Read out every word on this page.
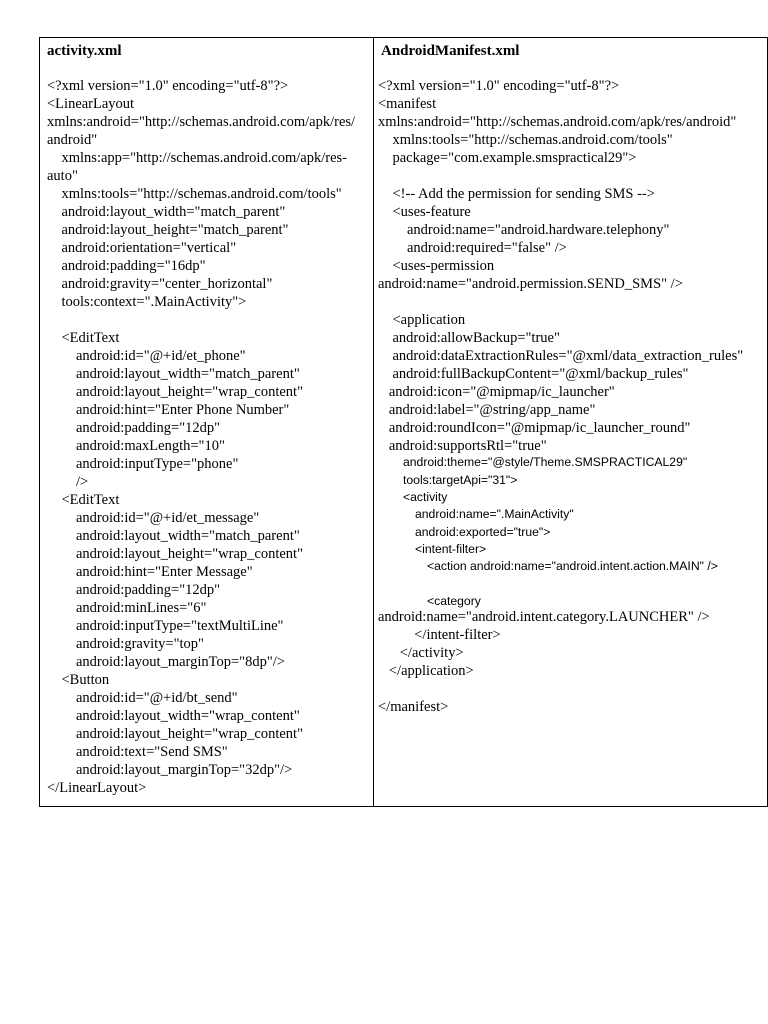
activity.xml
<?xml version="1.0" encoding="utf-8"?>
<LinearLayout
xmlns:android="http://schemas.android.com/apk/res/
android"
xmlns:app="http://schemas.android.com/apk/res-
auto"
xmlns:tools="http://schemas.android.com/tools"
android:layout_width="match_parent"
android:layout_height="match_parent"
android:orientation="vertical"
android:padding="16dp"
android:gravity="center_horizontal"
tools:context=".MainActivity">
<EditText
android:id="@+id/et_phone"
android:layout_width="match_parent"
android:layout_height="wrap_content"
android:hint="Enter Phone Number"
android:padding="12dp"
android:maxLength="10"
android:inputType="phone"
/>
<EditText
android:id="@+id/et_message"
android:layout_width="match_parent"
android:layout_height="wrap_content"
android:hint="Enter Message"
android:padding="12dp"
android:minLines="6"
android:inputType="textMultiLine"
android:gravity="top"
android:layout_marginTop="8dp"/>
<Button
android:id="@+id/bt_send"
android:layout_width="wrap_content"
android:layout_height="wrap_content"
android:text="Send SMS"
android:layout_marginTop="32dp"/>
</LinearLayout>
AndroidManifest.xml
<?xml version="1.0" encoding="utf-8"?>
<manifest
xmlns:android="http://schemas.android.com/apk/res/android"
xmlns:tools="http://schemas.android.com/tools"
package="com.example.smspractical29">
<!-- Add the permission for sending SMS -->
<uses-feature
android:name="android.hardware.telephony"
android:required="false" />
<uses-permission
android:name="android.permission.SEND_SMS" />
<application
android:allowBackup="true"
android:dataExtractionRules="@xml/data_extraction_rules"
android:fullBackupContent="@xml/backup_rules"
android:icon="@mipmap/ic_launcher"
android:label="@string/app_name"
android:roundIcon="@mipmap/ic_launcher_round"
android:supportsRtl="true"
android:theme="@style/Theme.SMSPRACTICAL29"
tools:targetApi="31">
<activity
android:name=".MainActivity"
android:exported="true">
<intent-filter>
<action android:name="android.intent.action.MAIN" />
<category
android:name="android.intent.category.LAUNCHER" />
</intent-filter>
</activity>
</application>
</manifest>
